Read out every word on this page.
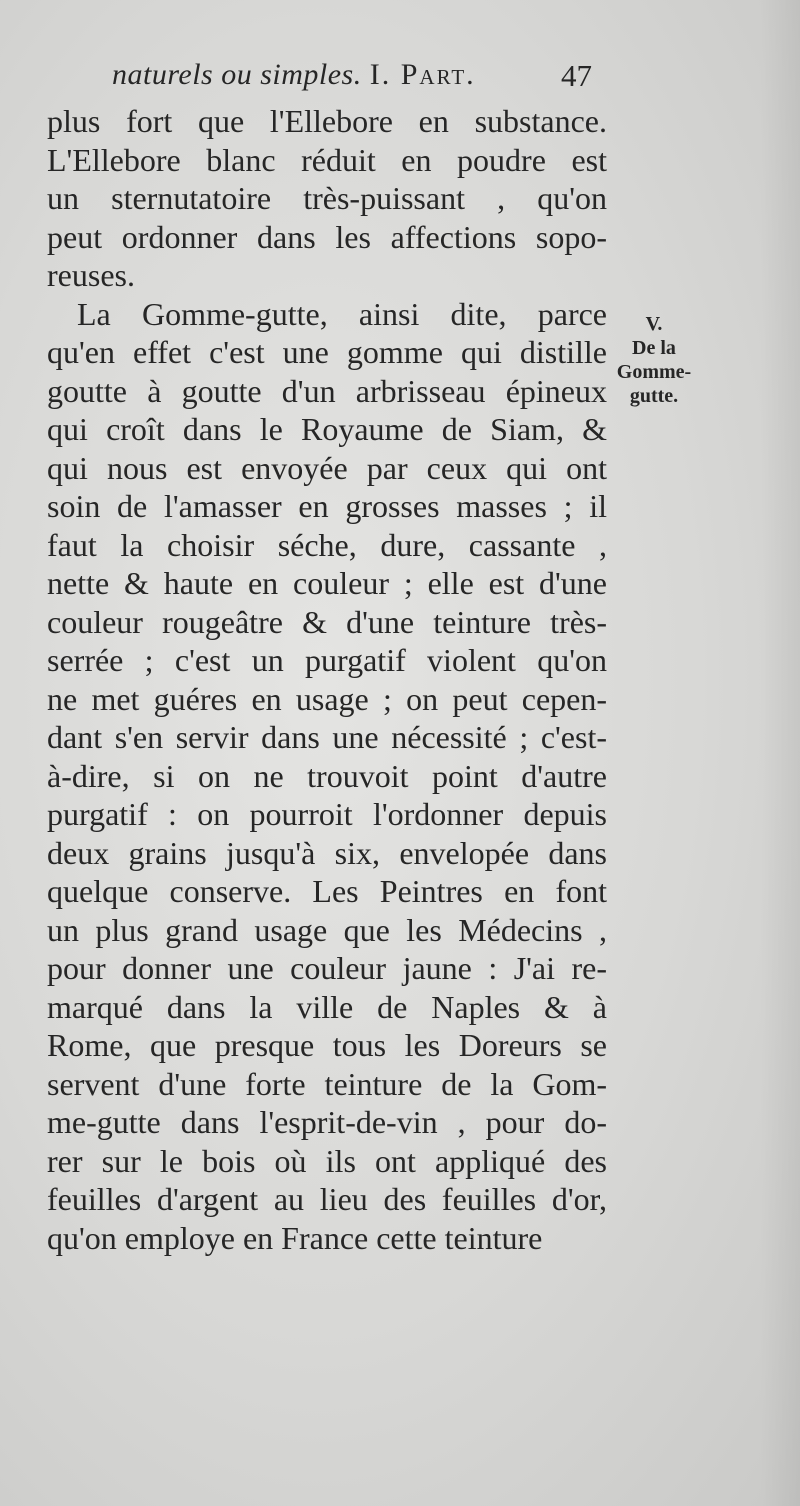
naturels ou simples. I. Part.	47
plus fort que l'Ellebore en substance.
L'Ellebore blanc réduit en poudre est
un sternutatoire très-puissant , qu'on
peut ordonner dans les affections sopo-
reuses.
La Gomme-gutte, ainsi dite, parce
qu'en effet c'est une gomme qui distille
goutte à goutte d'un arbrisseau épineux
qui croît dans le Royaume de Siam, &
qui nous est envoyée par ceux qui ont
soin de l'amasser en grosses masses ; il
faut la choisir séche, dure, cassante ,
nette & haute en couleur ; elle est d'une
couleur rougeâtre & d'une teinture très-
serrée ; c'est un purgatif violent qu'on
ne met guéres en usage ; on peut cepen-
dant s'en servir dans une nécessité ; c'est-
à-dire, si on ne trouvoit point d'autre
purgatif : on pourroit l'ordonner depuis
deux grains jusqu'à six, envelopée dans
quelque conserve. Les Peintres en font
un plus grand usage que les Médecins ,
pour donner une couleur jaune : J'ai re-
marqué dans la ville de Naples & à
Rome, que presque tous les Doreurs se
servent d'une forte teinture de la Gom-
me-gutte dans l'esprit-de-vin , pour do-
rer sur le bois où ils ont appliqué des
feuilles d'argent au lieu des feuilles d'or,
qu'on employe en France cette teinture
V.
De la
Gomme-
gutte.
